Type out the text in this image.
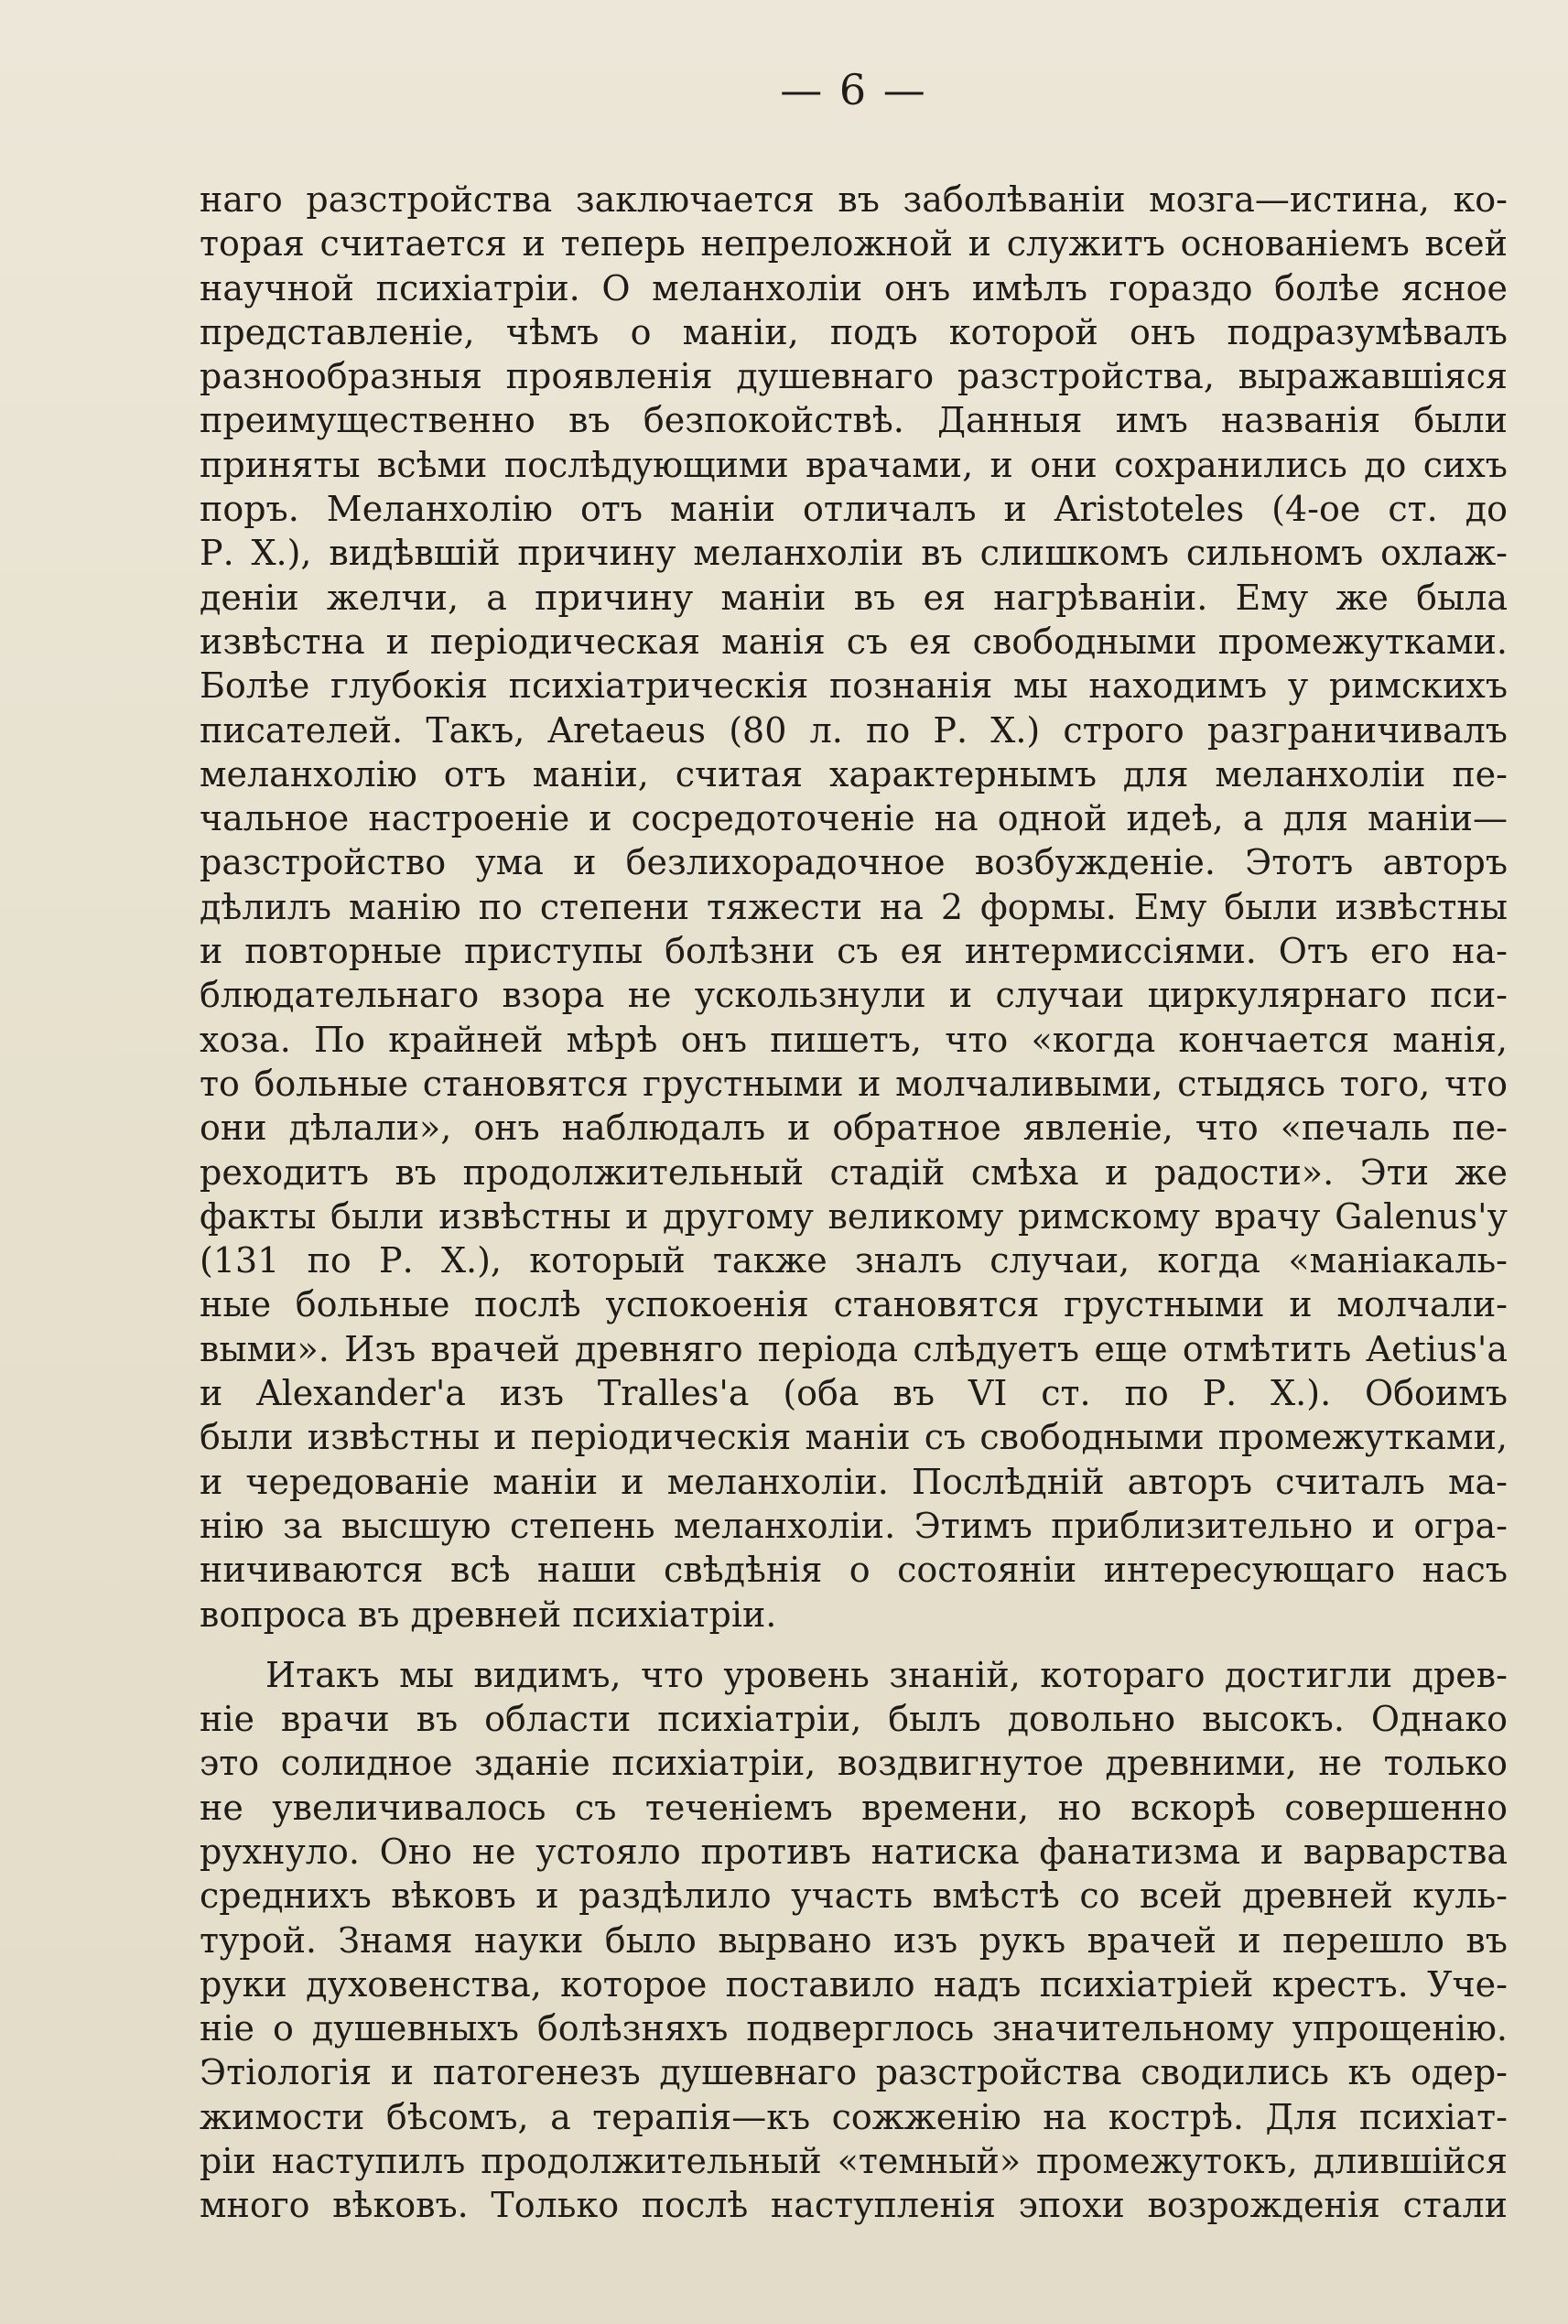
— 6 —
наго разстройства заключается въ заболѣваніи мозга—истина, ко-
торая считается и теперь непреложной и служитъ основаніемъ всей
научной психіатріи. О меланхоліи онъ имѣлъ гораздо болѣе ясное
представленіе, чѣмъ о маніи, подъ которой онъ подразумѣвалъ
разнообразныя проявленія душевнаго разстройства, выражавшіяся
преимущественно въ безпокойствѣ. Данныя имъ названія были
приняты всѣми послѣдующими врачами, и они сохранились до сихъ
поръ. Меланхолію отъ маніи отличалъ и Aristoteles (4-ое ст. до
Р. Х.), видѣвшій причину меланхоліи въ слишкомъ сильномъ охлаж-
деніи желчи, а причину маніи въ ея нагрѣваніи. Ему же была
извѣстна и періодическая манія съ ея свободными промежутками.
Болѣе глубокія психіатрическія познанія мы находимъ у римскихъ
писателей. Такъ, Aretaeus (80 л. по Р. Х.) строго разграничивалъ
меланхолію отъ маніи, считая характернымъ для меланхоліи пе-
чальное настроеніе и сосредоточеніе на одной идеѣ, а для маніи—
разстройство ума и безлихорадочное возбужденіе. Этотъ авторъ
дѣлилъ манію по степени тяжести на 2 формы. Ему были извѣстны
и повторные приступы болѣзни съ ея интермиссіями. Отъ его на-
блюдательнаго взора не ускользнули и случаи циркулярнаго пси-
хоза. По крайней мѣрѣ онъ пишетъ, что «когда кончается манія,
то больные становятся грустными и молчаливыми, стыдясь того, что
они дѣлали», онъ наблюдалъ и обратное явленіе, что «печаль пе-
реходитъ въ продолжительный стадій смѣха и радости». Эти же
факты были извѣстны и другому великому римскому врачу Galenus'у
(131 по Р. Х.), который также зналъ случаи, когда «маніакаль-
ные больные послѣ успокоенія становятся грустными и молчали-
выми». Изъ врачей древняго періода слѣдуетъ еще отмѣтить Aetius'а
и Alexander'а изъ Tralles'а (оба въ VI ст. по Р. Х.). Обоимъ
были извѣстны и періодическія маніи съ свободными промежутками,
и чередованіе маніи и меланхоліи. Послѣдній авторъ считалъ ма-
нію за высшую степень меланхоліи. Этимъ приблизительно и огра-
ничиваются всѣ наши свѣдѣнія о состояніи интересующаго насъ
вопроса въ древней психіатріи.
Итакъ мы видимъ, что уровень знаній, котораго достигли древ-
ніе врачи въ области психіатріи, былъ довольно высокъ. Однако
это солидное зданіе психіатріи, воздвигнутое древними, не только
не увеличивалось съ теченіемъ времени, но вскорѣ совершенно
рухнуло. Оно не устояло противъ натиска фанатизма и варварства
среднихъ вѣковъ и раздѣлило участь вмѣстѣ со всей древней куль-
турой. Знамя науки было вырвано изъ рукъ врачей и перешло въ
руки духовенства, которое поставило надъ психіатріей крестъ. Уче-
ніе о душевныхъ болѣзняхъ подверглось значительному упрощенію.
Этіологія и патогенезъ душевнаго разстройства сводились къ одер-
жимости бѣсомъ, а терапія—къ сожженію на кострѣ. Для психіат-
ріи наступилъ продолжительный «темный» промежутокъ, длившійся
много вѣковъ. Только послѣ наступленія эпохи возрожденія стали
